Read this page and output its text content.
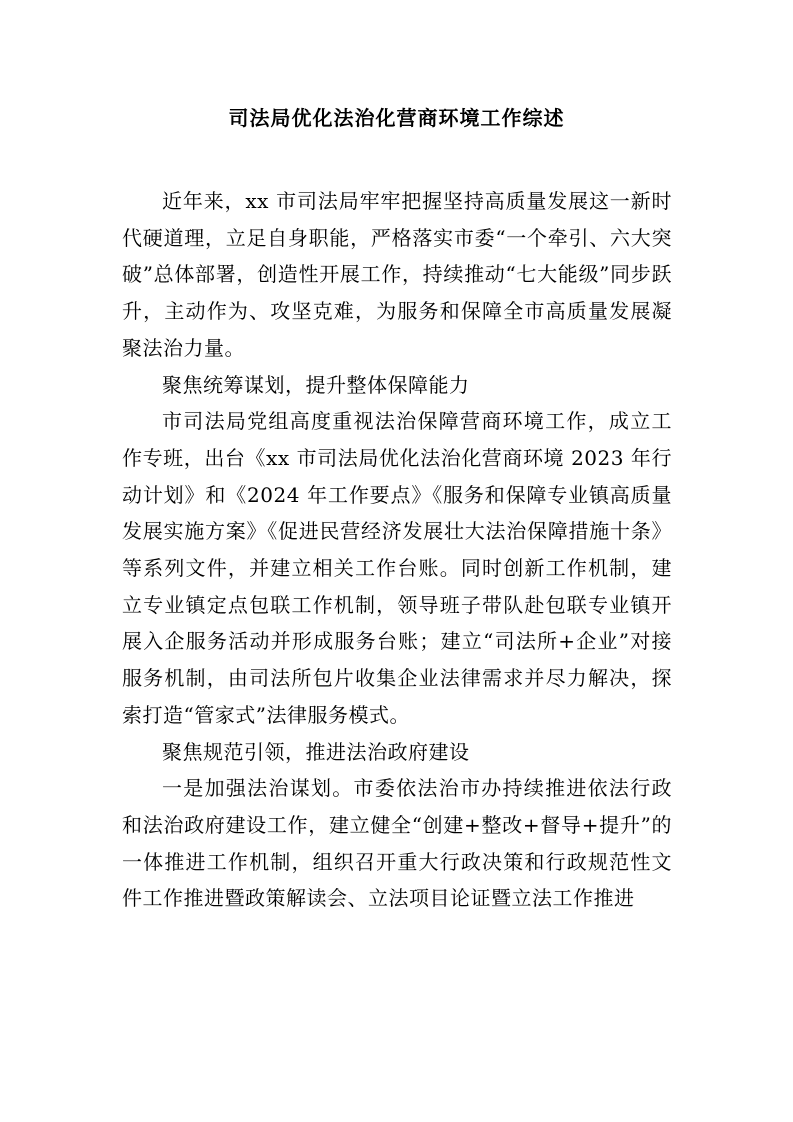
司法局优化法治化营商环境工作综述

近年来，xx 市司法局牢牢把握坚持高质量发展这一新时代硬道理，立足自身职能，严格落实市委“一个牵引、六大突破”总体部署，创造性开展工作，持续推动“七大能级”同步跃升，主动作为、攻坚克难，为服务和保障全市高质量发展凝聚法治力量。

聚焦统筹谋划，提升整体保障能力

市司法局党组高度重视法治保障营商环境工作，成立工作专班，出台《xx 市司法局优化法治化营商环境 2023 年行动计划》和《2024 年工作要点》《服务和保障专业镇高质量发展实施方案》《促进民营经济发展壮大法治保障措施十条》等系列文件，并建立相关工作台账。同时创新工作机制，建立专业镇定点包联工作机制，领导班子带队赴包联专业镇开展入企服务活动并形成服务台账；建立“司法所+企业”对接服务机制，由司法所包片收集企业法律需求并尽力解决，探索打造“管家式”法律服务模式。

聚焦规范引领，推进法治政府建设

一是加强法治谋划。市委依法治市办持续推进依法行政和法治政府建设工作，建立健全“创建+整改+督导+提升”的一体推进工作机制，组织召开重大行政决策和行政规范性文件工作推进暨政策解读会、立法项目论证暨立法工作推进
